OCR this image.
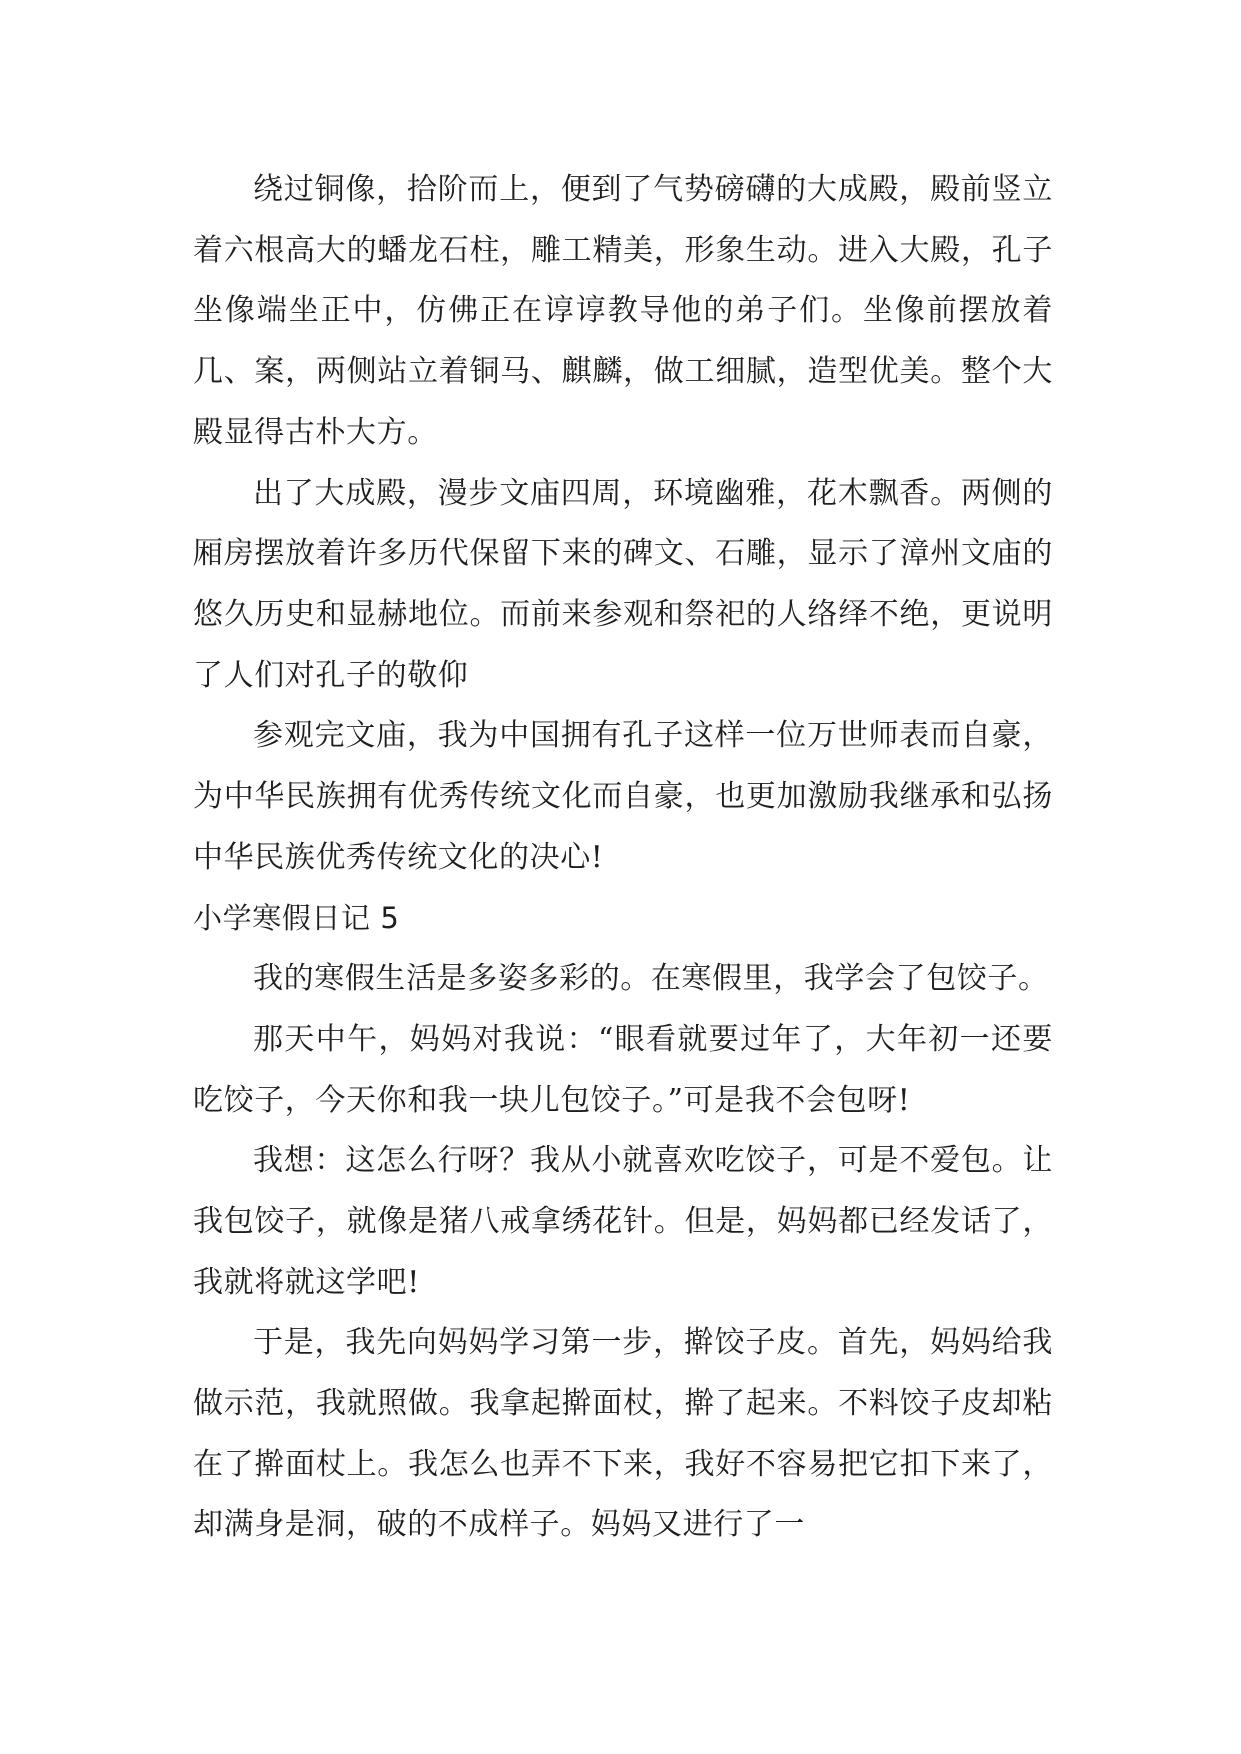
绕过铜像，拾阶而上，便到了气势磅礴的大成殿，殿前竖立着六根高大的蟠龙石柱，雕工精美，形象生动。进入大殿，孔子坐像端坐正中，仿佛正在谆谆教导他的弟子们。坐像前摆放着几、案，两侧站立着铜马、麒麟，做工细腻，造型优美。整个大殿显得古朴大方。

出了大成殿，漫步文庙四周，环境幽雅，花木飘香。两侧的厢房摆放着许多历代保留下来的碑文、石雕，显示了漳州文庙的悠久历史和显赫地位。而前来参观和祭祀的人络绎不绝，更说明了人们对孔子的敬仰

参观完文庙，我为中国拥有孔子这样一位万世师表而自豪，为中华民族拥有优秀传统文化而自豪，也更加激励我继承和弘扬中华民族优秀传统文化的决心!

小学寒假日记 5

我的寒假生活是多姿多彩的。在寒假里，我学会了包饺子。

那天中午，妈妈对我说：“眼看就要过年了，大年初一还要吃饺子，今天你和我一块儿包饺子。”可是我不会包呀!

我想：这怎么行呀？我从小就喜欢吃饺子，可是不爱包。让我包饺子，就像是猪八戒拿绣花针。但是，妈妈都已经发话了，我就将就这学吧!

于是，我先向妈妈学习第一步，擀饺子皮。首先，妈妈给我做示范，我就照做。我拿起擀面杖，擀了起来。不料饺子皮却粘在了擀面杖上。我怎么也弄不下来，我好不容易把它扣下来了，却满身是洞，破的不成样子。妈妈又进行了一
